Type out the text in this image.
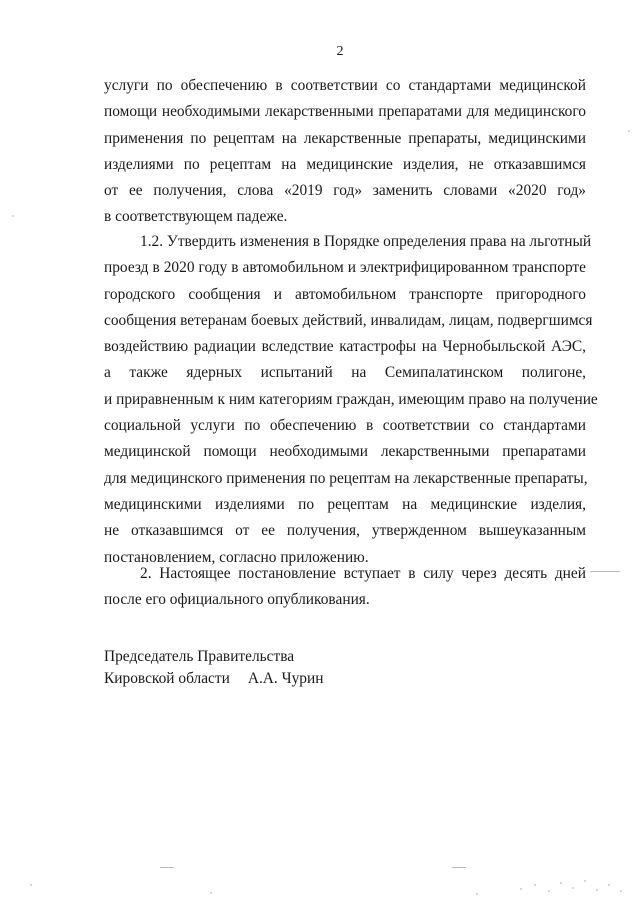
2
услуги по обеспечению в соответствии со стандартами медицинской
помощи необходимыми лекарственными препаратами для медицинского
применения по рецептам на лекарственные препараты, медицинскими
изделиями по рецептам на медицинские изделия, не отказавшимся
от ее получения, слова «2019 год» заменить словами «2020 год»
в соответствующем падеже.
1.2. Утвердить изменения в Порядке определения права на льготный
проезд в 2020 году в автомобильном и электрифицированном транспорте
городского сообщения и автомобильном транспорте пригородного
сообщения ветеранам боевых действий, инвалидам, лицам, подвергшимся
воздействию радиации вследствие катастрофы на Чернобыльской АЭС,
а также ядерных испытаний на Семипалатинском полигоне,
и приравненным к ним категориям граждан, имеющим право на получение
социальной услуги по обеспечению в соответствии со стандартами
медицинской помощи необходимыми лекарственными препаратами
для медицинского применения по рецептам на лекарственные препараты,
медицинскими изделиями по рецептам на медицинские изделия,
не отказавшимся от ее получения, утвержденном вышеуказанным
постановлением, согласно приложению.
2. Настоящее постановление вступает в силу через десять дней
после его официального опубликования.
Председатель Правительства
Кировской области А.А. Чурин
